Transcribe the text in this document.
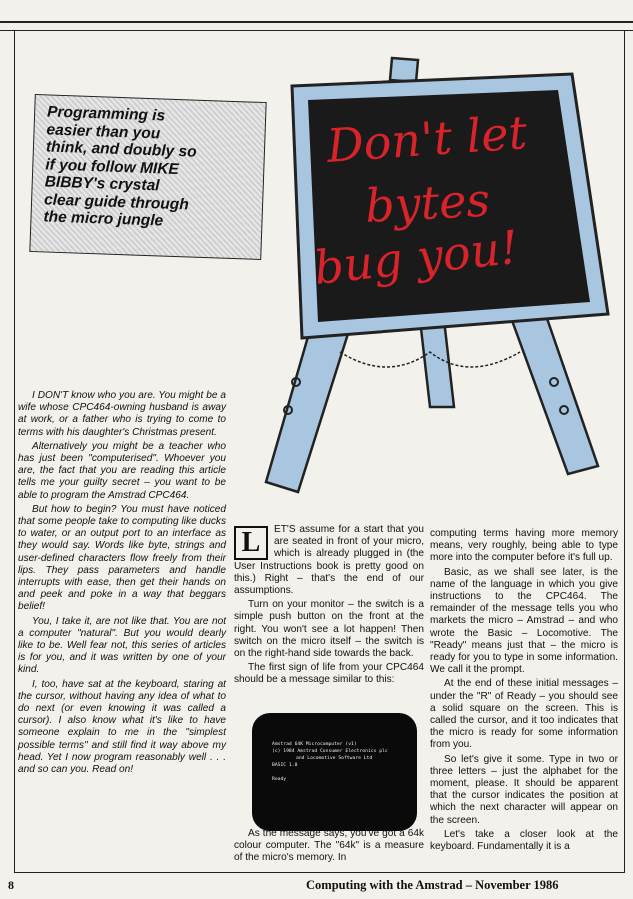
Programming is
easier than you
think, and doubly so
if you follow MIKE
BIBBY's crystal
clear guide through
the micro jungle
Don't let
bytes
bug you!

I DON'T know who you are. You might be a wife whose CPC464-owning husband is away at work, or a father who is trying to come to terms with his daughter's Christmas present.

Alternatively you might be a teacher who has just been "computerised". Whoever you are, the fact that you are reading this article tells me your guilty secret – you want to be able to program the Amstrad CPC464.

But how to begin? You must have noticed that some people take to computing like ducks to water, or an output port to an interface as they would say. Words like byte, strings and user-defined characters flow freely from their lips. They pass parameters and handle interrupts with ease, then get their hands on and peek and poke in a way that beggars belief!

You, I take it, are not like that. You are not a computer "natural". But you would dearly like to be. Well fear not, this series of articles is for you, and it was written by one of your kind.

I, too, have sat at the keyboard, staring at the cursor, without having any idea of what to do next (or even knowing it was called a cursor). I also know what it's like to have someone explain to me in the "simplest possible terms" and still find it way above my head. Yet I now program reasonably well . . . and so can you. Read on!

L	ET'S assume for a start that you are seated in front of your micro, which is already plugged in (the User Instructions book is pretty good on this.) Right – that's the end of our assumptions.

Turn on your monitor – the switch is a simple push button on the front at the right. You won't see a lot happen! Then switch on the micro itself – the switch is on the right-hand side towards the back.

The first sign of life from your CPC464 should be a message similar to this:

Amstrad 64K Microcomputer (v1)
(c) 1984 Amstrad Consumer Electronics plc
and Locomotive Software Ltd
BASIC 1.0

Ready

As the message says, you've got a 64k colour computer. The "64k" is a measure of the micro's memory. In

computing terms having more memory means, very roughly, being able to type more into the computer before it's full up.

Basic, as we shall see later, is the name of the language in which you give instructions to the CPC464. The remainder of the message tells you who markets the micro – Amstrad – and who wrote the Basic – Locomotive. The "Ready" means just that – the micro is ready for you to type in some information. We call it the prompt.

At the end of these initial messages – under the "R" of Ready – you should see a solid square on the screen. This is called the cursor, and it too indicates that the micro is ready for some information from you.

So let's give it some. Type in two or three letters – just the alphabet for the moment, please. It should be apparent that the cursor indicates the position at which the next character will appear on the screen.

Let's take a closer look at the keyboard. Fundamentally it is a

8	Computing with the Amstrad – November 1986
